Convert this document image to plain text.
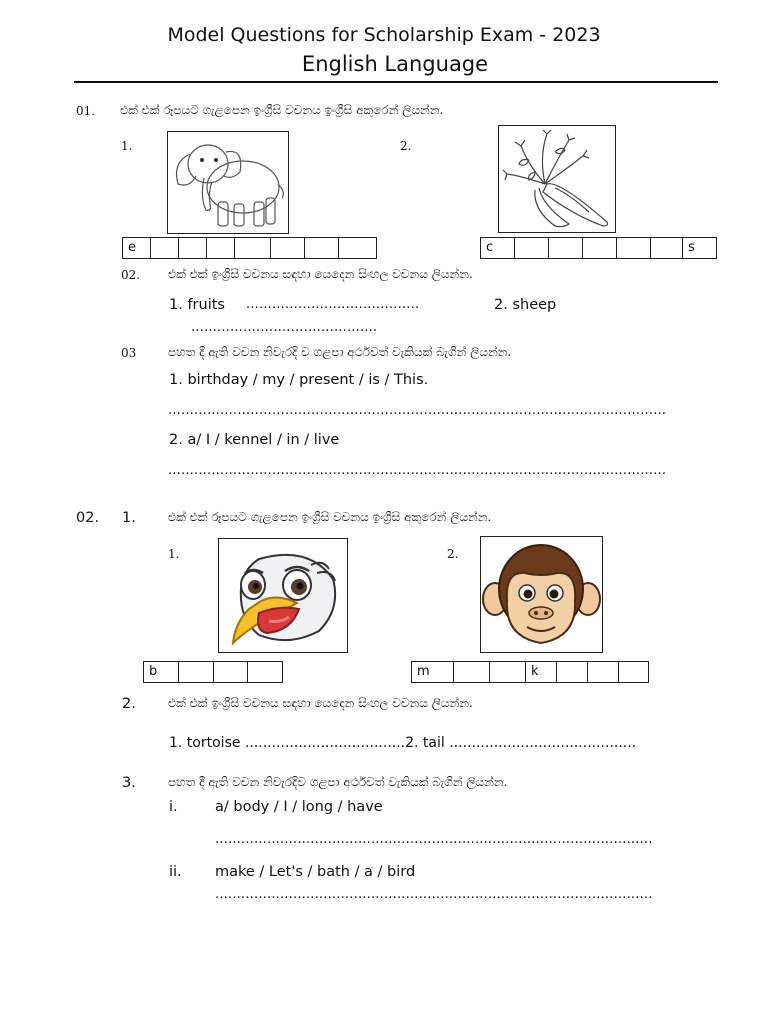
Model Questions for Scholarship Exam - 2023
English Language
01. එක් එක් රූපයට ගැළපෙන ඉංග්‍රීසි වචනය ඉංග්‍රීසි අකුරෙන් ලියන්න.
1.
e
2.
c	s
02. එක් එක් ඉංග්‍රීසි වචනය සඳහා යෙදෙන සිංහල වචනය ලියන්න.
1. fruits ........................................	2. sheep
...........................................
03	පහත දී ඇති වචන නිවැරදි ව ගළපා අර්ථවත් වැකියක් බැගින් ලියන්න.
1. birthday / my / present / is / This.
...................................................................................................................
2. a/ I / kennel / in / live
...................................................................................................................
02. 1.	එක් එක් රූපයට ගැළපෙන ඉංග්‍රීසි වචනය ඉංග්‍රීසි අකුරෙන් ලියන්න.
1.
b
2.
m	k
2.	එක් එක් ඉංග්‍රීසි වචනය සඳහා යෙදෙන සිංහල වචනය ලියන්න.
1. tortoise ....................................2. tail ..........................................
3.	පහත දී ඇති වචන නිවැරදිව ගළපා අර්ථවත් වැකියක් බැගින් ලියන්න.
i.	a/ body / I / long / have
.....................................................................................................
ii. make / Let's / bath / a / bird
.....................................................................................................
